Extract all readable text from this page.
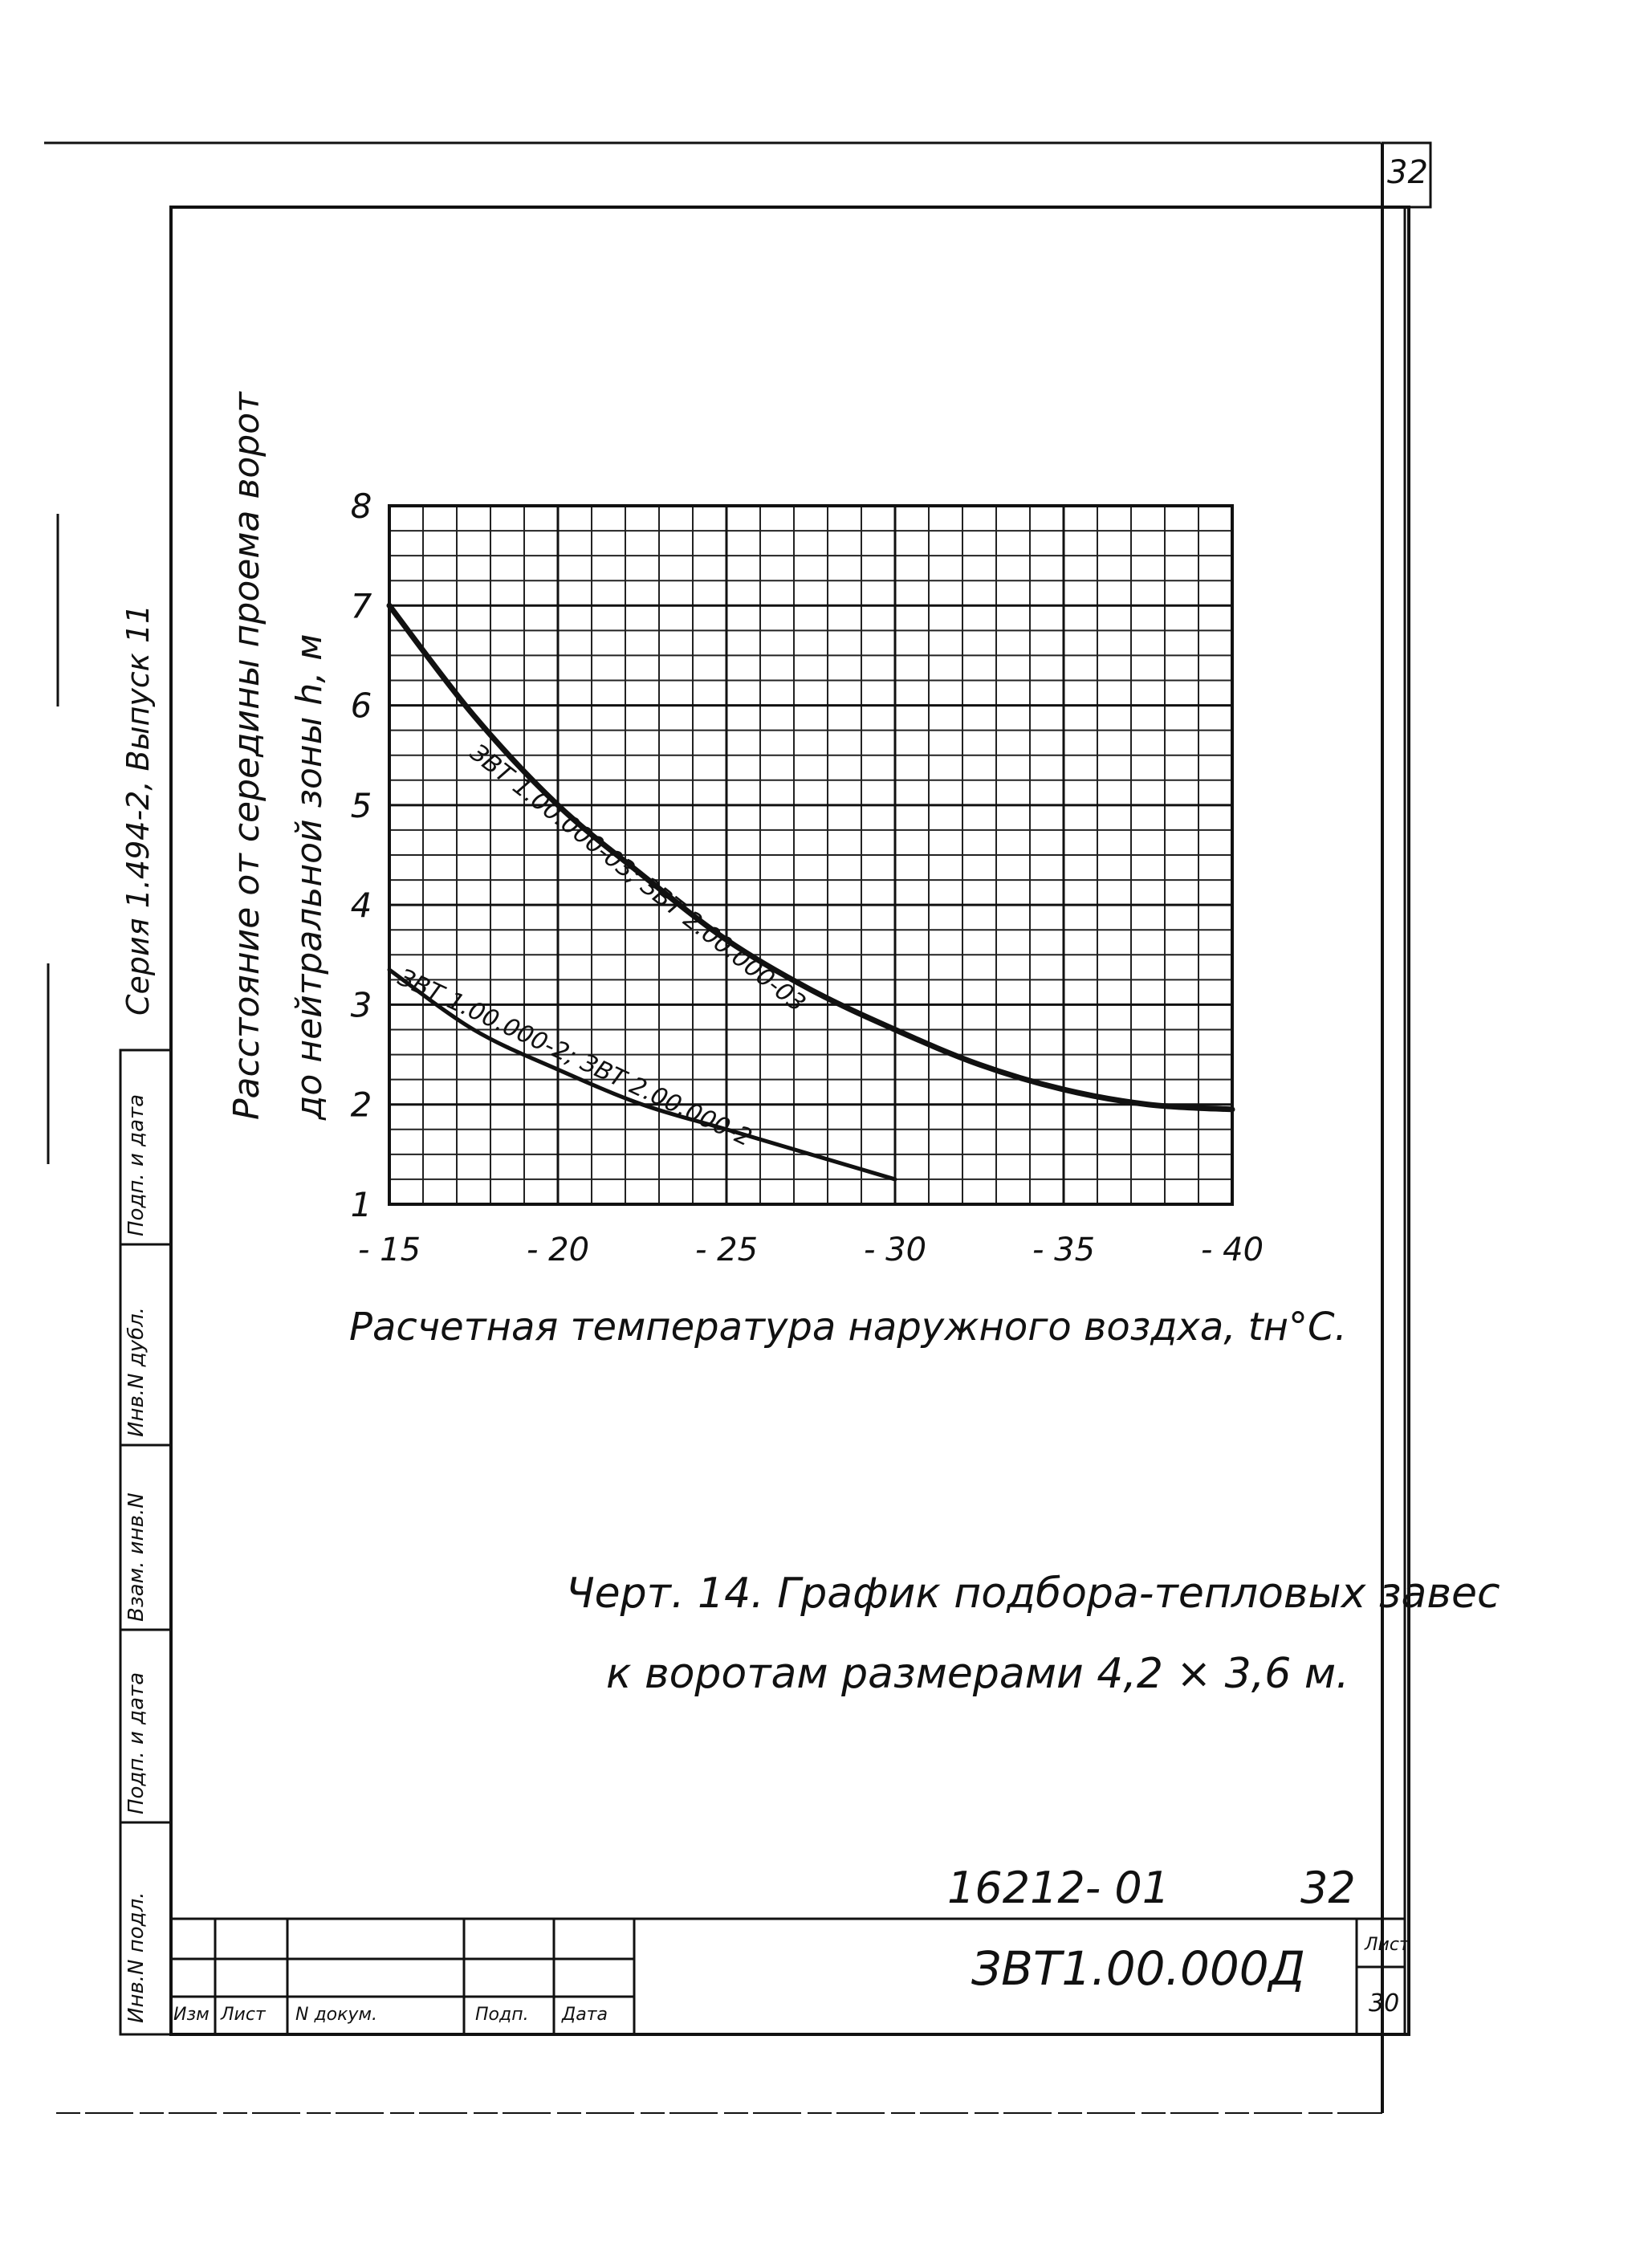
- 15	- 20	- 25	- 30	- 35	- 40
1
2
3
4
5
6
7
8
32
Серия 1.494-2, Выпуск 11
Инв.N подл.
Подп. и дата
Взам. инв.N
Инв.N дубл.
Подп. и дата
Расстояние от середины проема ворот до нейтральной зоны h, м
Расчетная температура наружного воздха, tн°С.
ЗВТ 1.00.000-03; ЗВТ 2.00.000-03
ЗВТ 1.00.000-2; ЗВТ 2.00.000-2
Черт. 14. График подбора-тепловых завес
к воротам размерами 4,2 × 3,6 м.
16212- 01	32
ЗВТ1.00.000Д	Лист
30
Изм Лист N докум.	Подп. Дата
